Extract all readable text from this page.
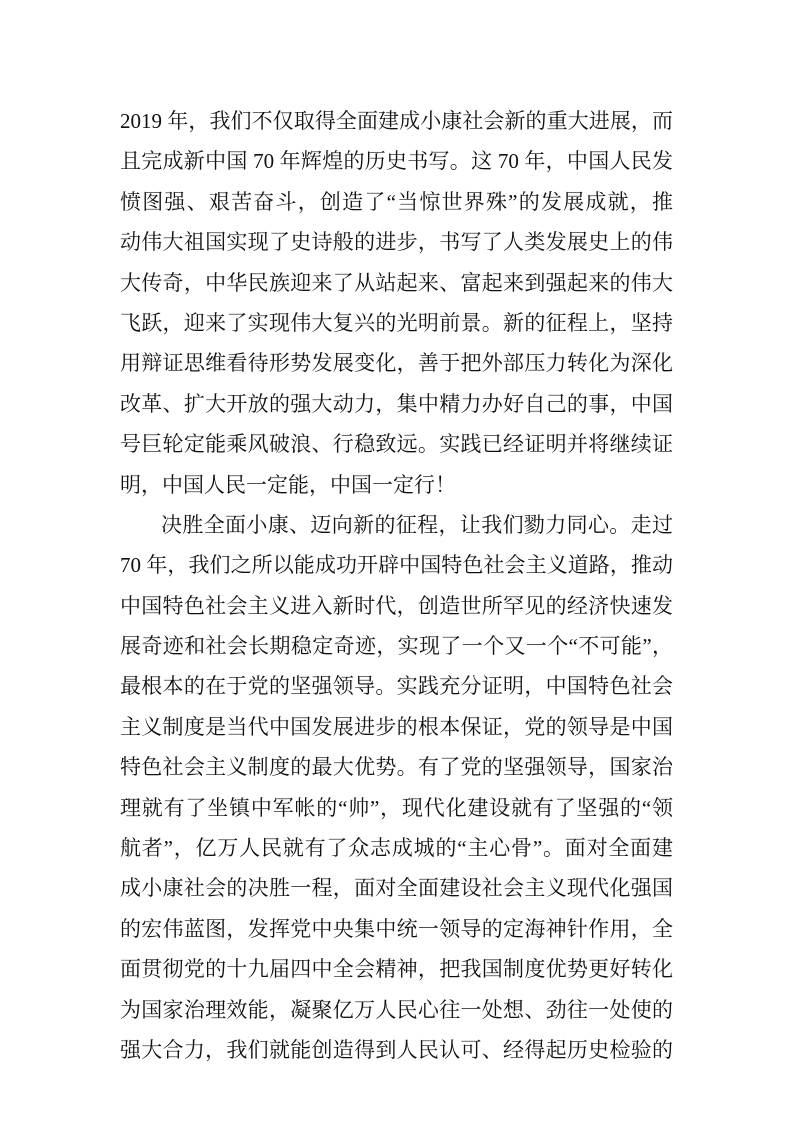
2019 年，我们不仅取得全面建成小康社会新的重大进展，而
且完成新中国 70 年辉煌的历史书写。这 70 年，中国人民发
愤图强、艰苦奋斗，创造了“当惊世界殊”的发展成就，推
动伟大祖国实现了史诗般的进步，书写了人类发展史上的伟
大传奇，中华民族迎来了从站起来、富起来到强起来的伟大
飞跃，迎来了实现伟大复兴的光明前景。新的征程上，坚持
用辩证思维看待形势发展变化，善于把外部压力转化为深化
改革、扩大开放的强大动力，集中精力办好自己的事，中国
号巨轮定能乘风破浪、行稳致远。实践已经证明并将继续证
明，中国人民一定能，中国一定行！
决胜全面小康、迈向新的征程，让我们勠力同心。走过
70 年，我们之所以能成功开辟中国特色社会主义道路，推动
中国特色社会主义进入新时代，创造世所罕见的经济快速发
展奇迹和社会长期稳定奇迹，实现了一个又一个“不可能”，
最根本的在于党的坚强领导。实践充分证明，中国特色社会
主义制度是当代中国发展进步的根本保证，党的领导是中国
特色社会主义制度的最大优势。有了党的坚强领导，国家治
理就有了坐镇中军帐的“帅”，现代化建设就有了坚强的“领
航者”，亿万人民就有了众志成城的“主心骨”。面对全面建
成小康社会的决胜一程，面对全面建设社会主义现代化强国
的宏伟蓝图，发挥党中央集中统一领导的定海神针作用，全
面贯彻党的十九届四中全会精神，把我国制度优势更好转化
为国家治理效能，凝聚亿万人民心往一处想、劲往一处使的
强大合力，我们就能创造得到人民认可、经得起历史检验的
